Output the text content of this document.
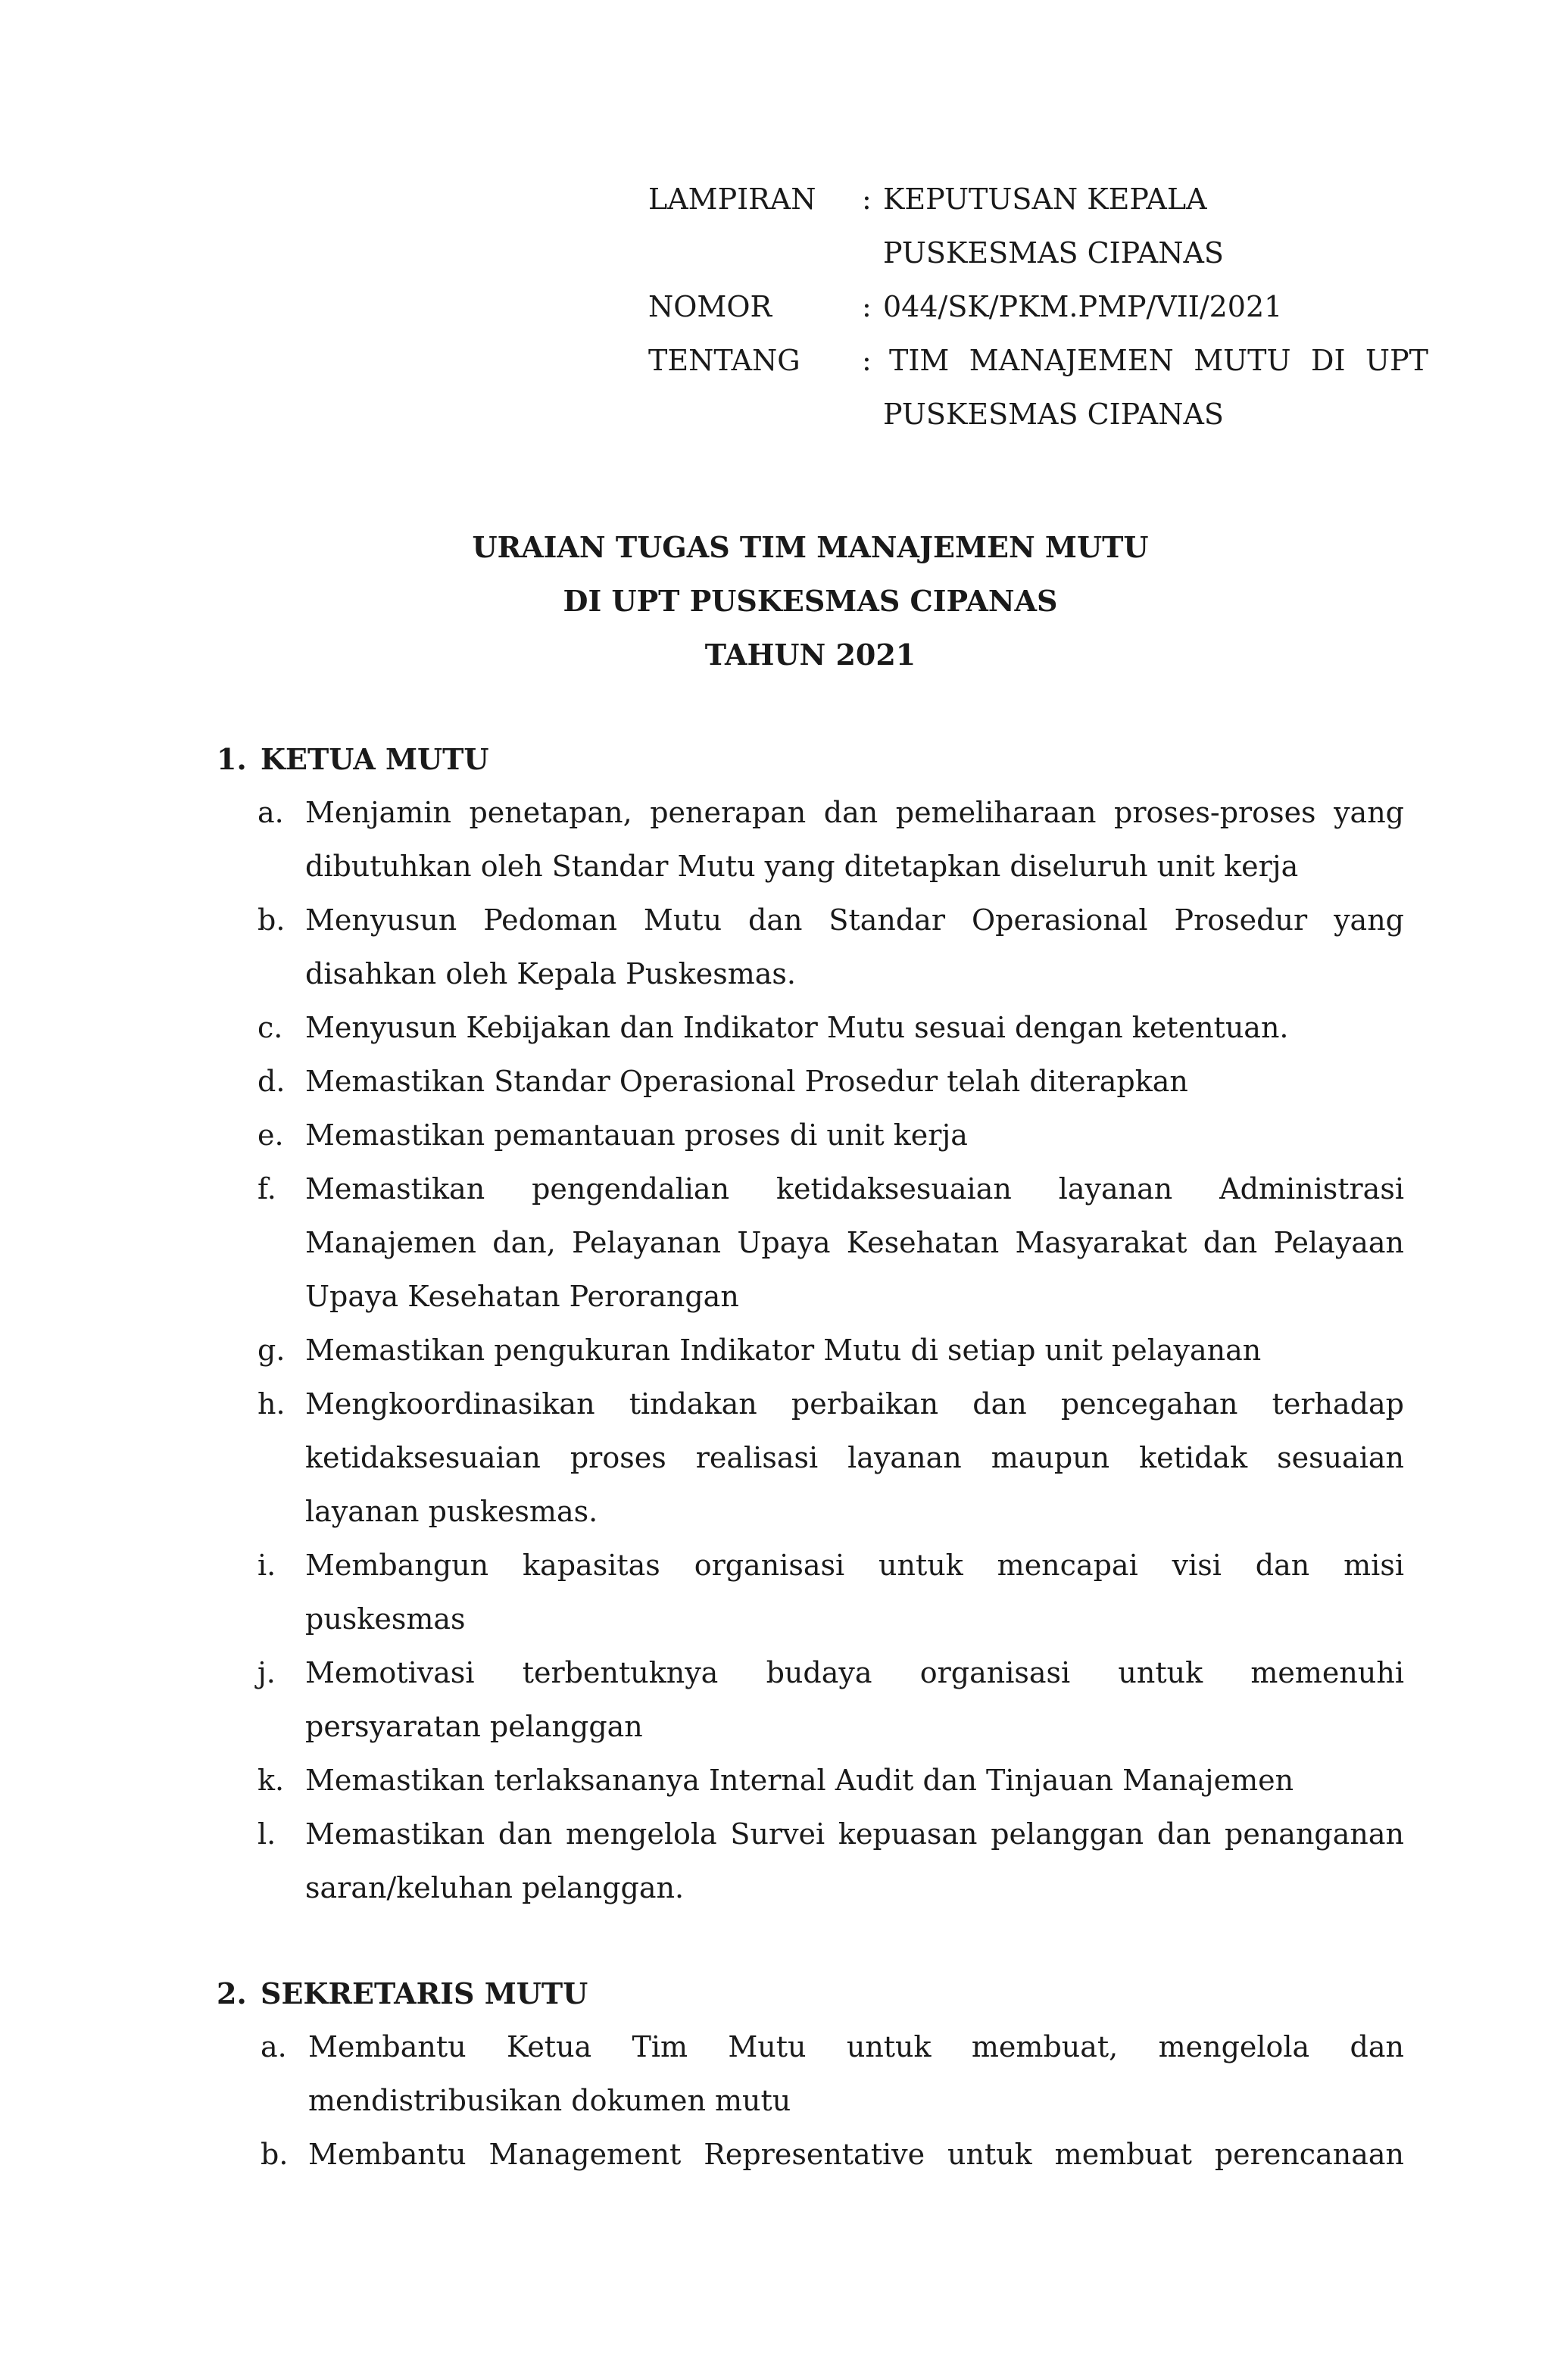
LAMPIRAN	: KEPUTUSAN KEPALA
PUSKESMAS CIPANAS
NOMOR	: 044/SK/PKM.PMP/VII/2021
TENTANG	: TIM MANAJEMEN MUTU DI UPT
PUSKESMAS CIPANAS
URAIAN TUGAS TIM MANAJEMEN MUTU
DI UPT PUSKESMAS CIPANAS
TAHUN 2021
1. KETUA MUTU
a. Menjamin penetapan, penerapan dan pemeliharaan proses-proses yang
dibutuhkan oleh Standar Mutu yang ditetapkan diseluruh unit kerja
b. Menyusun Pedoman Mutu dan Standar Operasional Prosedur yang
disahkan oleh Kepala Puskesmas.
c. Menyusun Kebijakan dan Indikator Mutu sesuai dengan ketentuan.
d. Memastikan Standar Operasional Prosedur telah diterapkan
e. Memastikan pemantauan proses di unit kerja
f.	Memastikan pengendalian ketidaksesuaian layanan Administrasi
Manajemen dan, Pelayanan Upaya Kesehatan Masyarakat dan Pelayaan
Upaya Kesehatan Perorangan
g. Memastikan pengukuran Indikator Mutu di setiap unit pelayanan
h. Mengkoordinasikan tindakan perbaikan dan pencegahan terhadap
ketidaksesuaian proses realisasi layanan maupun ketidak sesuaian
layanan puskesmas.
i.	Membangun kapasitas organisasi untuk mencapai visi dan misi
puskesmas
j.	Memotivasi terbentuknya budaya organisasi untuk memenuhi
persyaratan pelanggan
k. Memastikan terlaksananya Internal Audit dan Tinjauan Manajemen
l.	Memastikan dan mengelola Survei kepuasan pelanggan dan penanganan
saran/keluhan pelanggan.
2. SEKRETARIS MUTU
a. Membantu Ketua Tim Mutu untuk membuat, mengelola dan
mendistribusikan dokumen mutu
b. Membantu Management Representative untuk membuat perencanaan
